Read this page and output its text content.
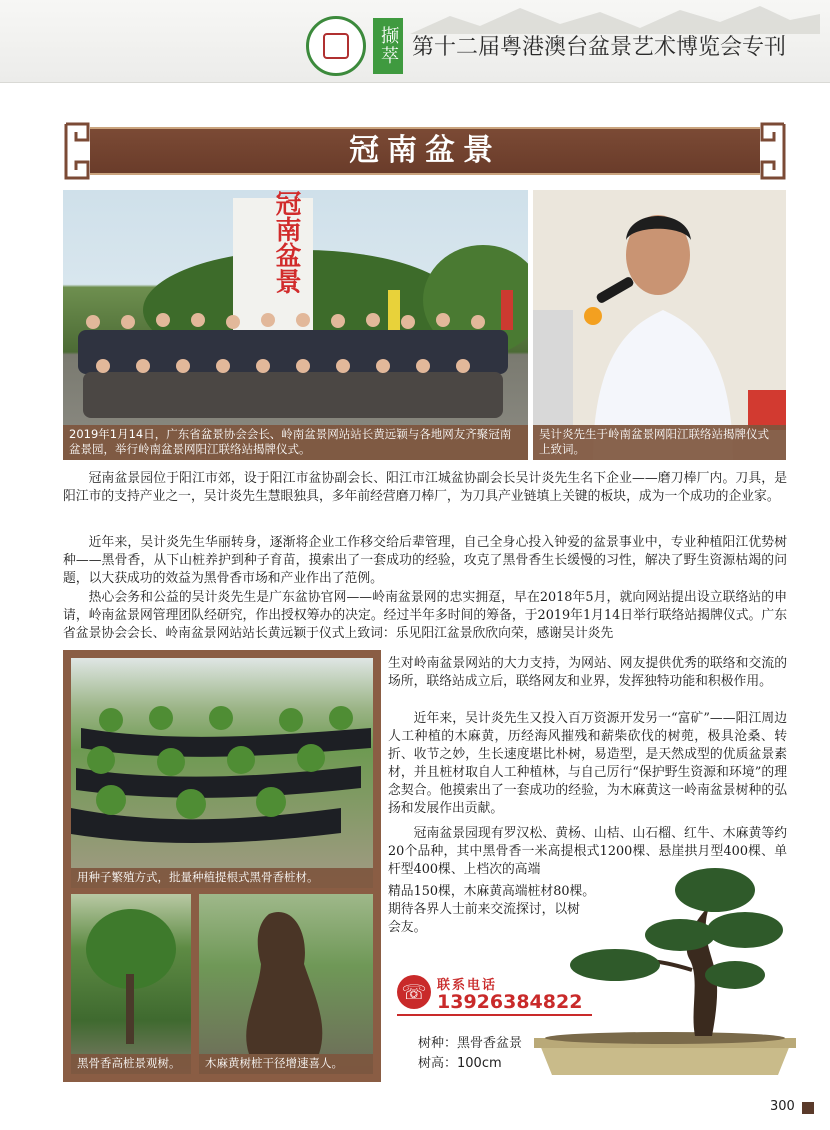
撷萃 第十二届粤港澳台盆景艺术博览会专刊
冠南盆景
冠南盆景
2019年1月14日，广东省盆景协会会长、岭南盆景网站站长黄远颖与各地网友齐聚冠南盆景园，举行岭南盆景网阳江联络站揭牌仪式。
吴计炎先生于岭南盆景网阳江联络站揭牌仪式上致词。

冠南盆景园位于阳江市郊，设于阳江市盆协副会长、阳江市江城盆协副会长吴计炎先生名下企业——磨刀棒厂内。刀具，是阳江市的支持产业之一，吴计炎先生慧眼独具，多年前经营磨刀棒厂，为刀具产业链填上关键的板块，成为一个成功的企业家。

近年来，吴计炎先生华丽转身，逐渐将企业工作移交给后辈管理，自己全身心投入钟爱的盆景事业中，专业种植阳江优势树种——黑骨香，从下山桩养护到种子育苗，摸索出了一套成功的经验，攻克了黑骨香生长缓慢的习性，解决了野生资源枯竭的问题，以大获成功的效益为黑骨香市场和产业作出了范例。

热心会务和公益的吴计炎先生是广东盆协官网——岭南盆景网的忠实拥趸，早在2018年5月，就向网站提出设立联络站的申请，岭南盆景网管理团队经研究，作出授权筹办的决定。经过半年多时间的筹备，于2019年1月14日举行联络站揭牌仪式。广东省盆景协会会长、岭南盆景网站站长黄远颖于仪式上致词：乐见阳江盆景欣欣向荣，感谢吴计炎先

用种子繁殖方式，批量种植提根式黑骨香桩材。
黑骨香高桩景观树。	木麻黄树桩干径增速喜人。

生对岭南盆景网站的大力支持，为网站、网友提供优秀的联络和交流的场所，联络站成立后，联络网友和业界，发挥独特功能和积极作用。

近年来，吴计炎先生又投入百万资源开发另一“富矿”——阳江周边人工种植的木麻黄，历经海风摧残和薪柴砍伐的树蔸，极具沧桑、转折、收节之妙，生长速度堪比朴树，易造型，是天然成型的优质盆景素材，并且桩材取自人工种植林，与自己厉行“保护野生资源和环境”的理念契合。他摸索出了一套成功的经验，为木麻黄这一岭南盆景树种的弘扬和发展作出贡献。

冠南盆景园现有罗汉松、黄杨、山桔、山石榴、红牛、木麻黄等约20个品种，其中黑骨香一米高提根式1200棵、悬崖拱月型400棵、单杆型400棵、上档次的高端

精品150棵，木麻黄高端桩材80棵。

期待各界人士前来交流探讨，以树

会友。

☏ 联系电话
13926384822
树种：黑骨香盆景
树高：100cm
300
